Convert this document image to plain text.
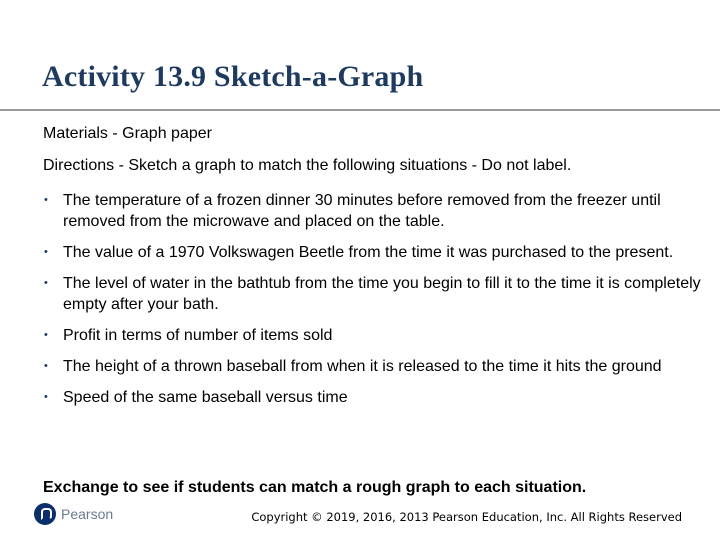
Activity 13.9 Sketch-a-Graph
Materials - Graph paper
Directions - Sketch a graph to match the following situations - Do not label.
• The temperature of a frozen dinner 30 minutes before removed from the freezer until removed from the microwave and placed on the table.
• The value of a 1970 Volkswagen Beetle from the time it was purchased to the present.
• The level of water in the bathtub from the time you begin to fill it to the time it is completely empty after your bath.
• Profit in terms of number of items sold
• The height of a thrown baseball from when it is released to the time it hits the ground
• Speed of the same baseball versus time
Exchange to see if students can match a rough graph to each situation.
Pearson	Copyright © 2019, 2016, 2013 Pearson Education, Inc. All Rights Reserved
